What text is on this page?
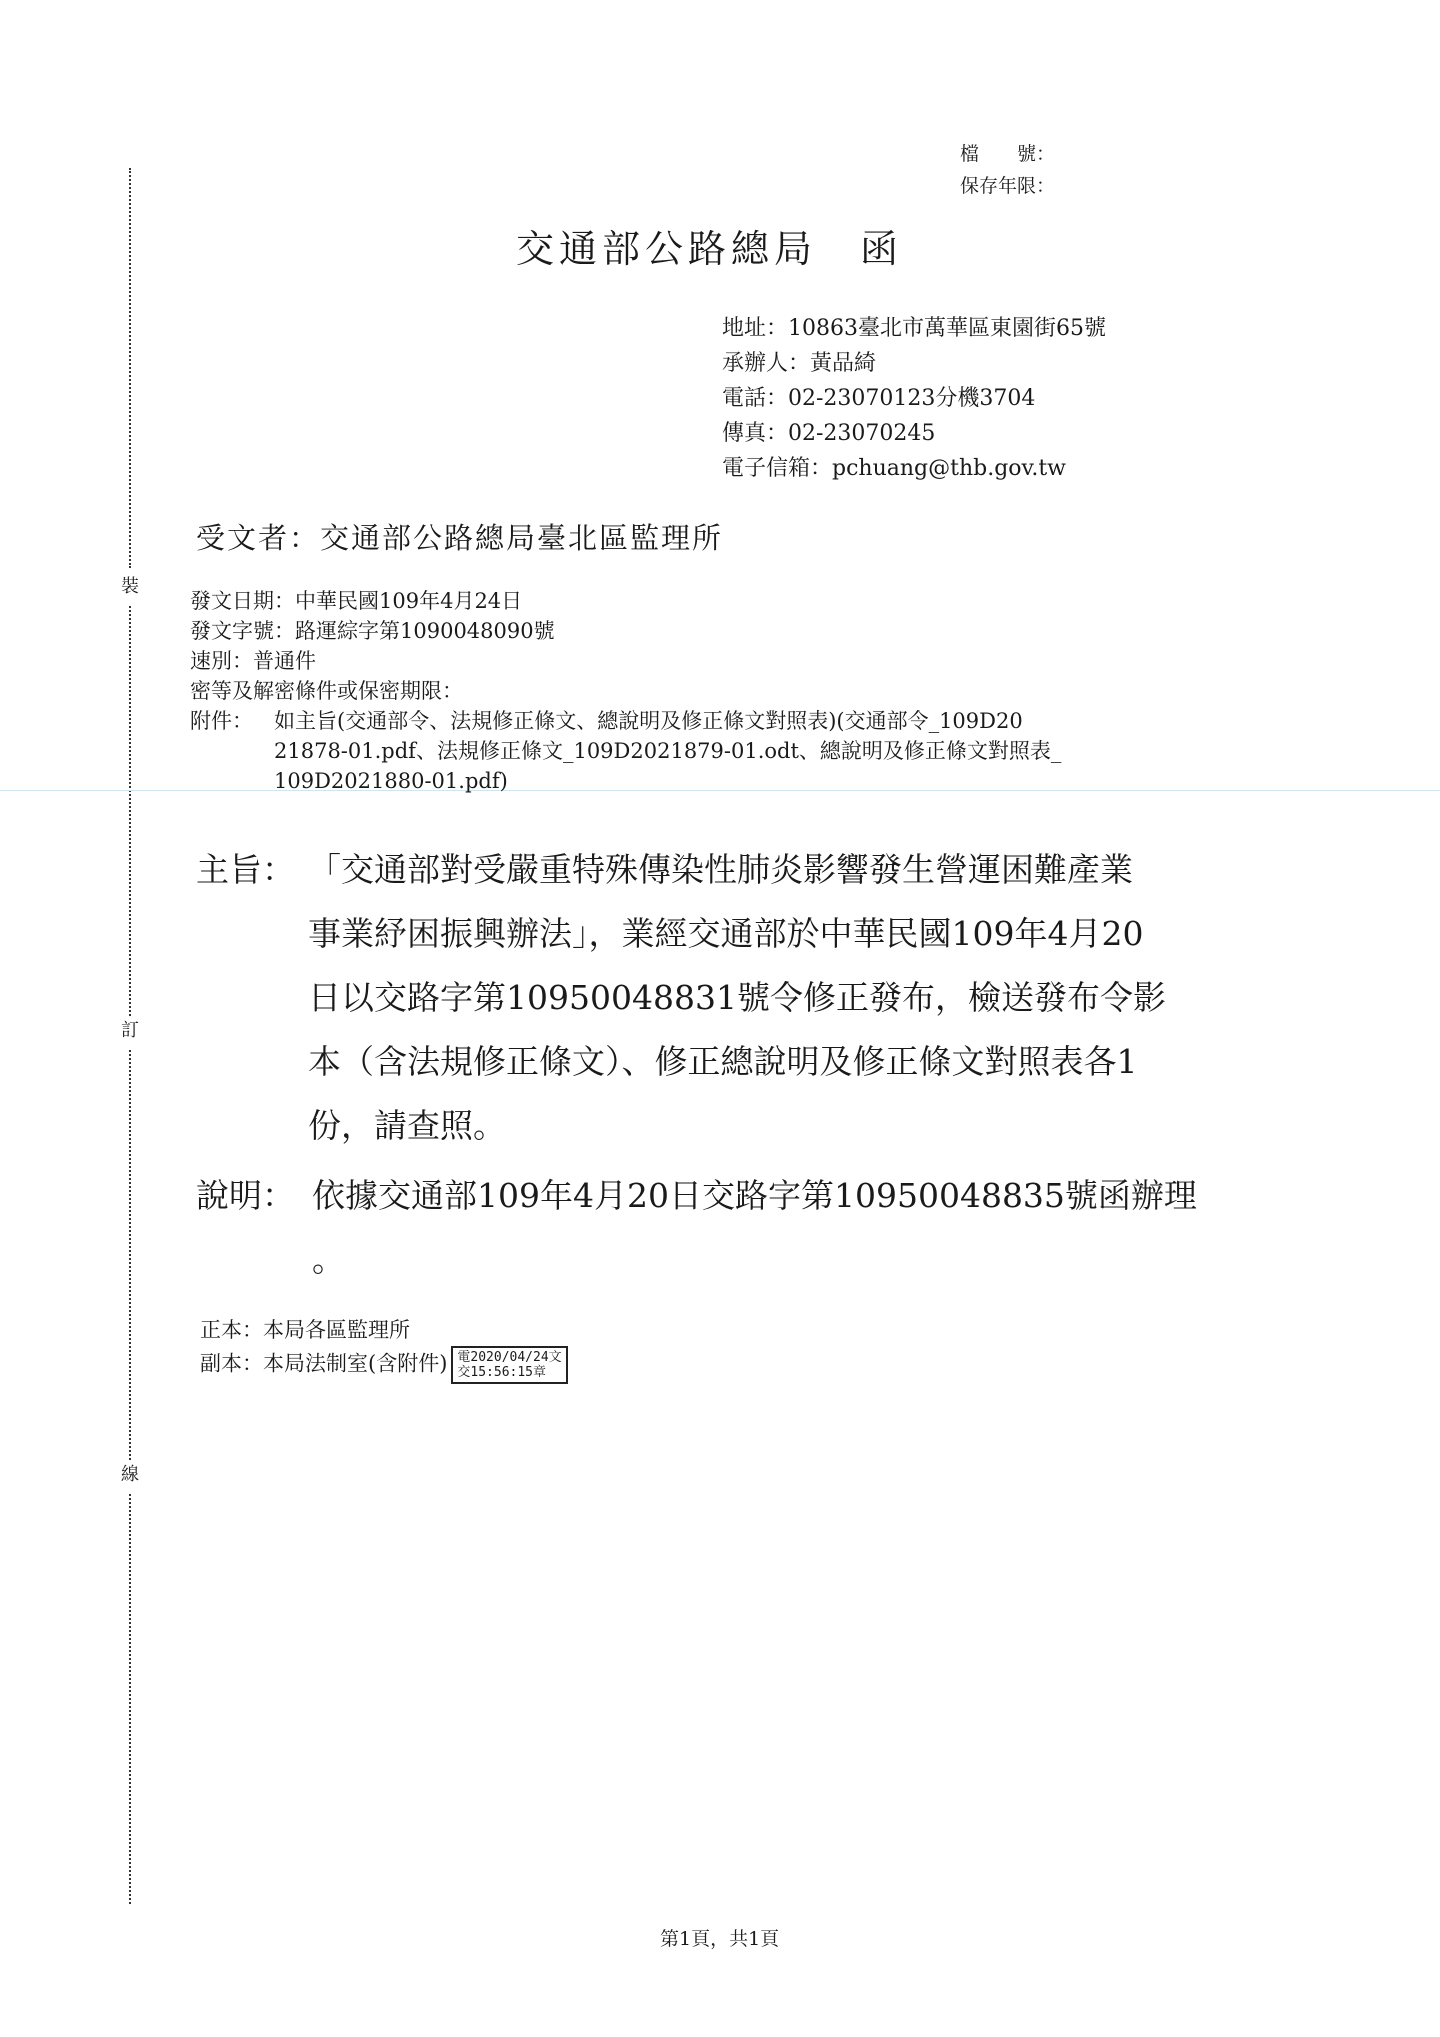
裝
訂
線
檔　　號：
保存年限：
交通部公路總局　函
地址：10863臺北市萬華區東園街65號
承辦人：黃品綺
電話：02-23070123分機3704
傳真：02-23070245
電子信箱：pchuang@thb.gov.tw
受文者：交通部公路總局臺北區監理所
發文日期：中華民國109年4月24日
發文字號：路運綜字第1090048090號
速別：普通件
密等及解密條件或保密期限：
附件： 如主旨(交通部令、法規修正條文、總說明及修正條文對照表)(交通部令_109D20
21878-01.pdf、法規修正條文_109D2021879-01.odt、總說明及修正條文對照表_
109D2021880-01.pdf)
主旨： 「交通部對受嚴重特殊傳染性肺炎影響發生營運困難產業
事業紓困振興辦法」，業經交通部於中華民國109年4月20
日以交路字第10950048831號令修正發布，檢送發布令影
本（含法規修正條文）、修正總說明及修正條文對照表各1
份，請查照。
說明： 依據交通部109年4月20日交路字第10950048835號函辦理
。
正本：本局各區監理所
副本：本局法制室(含附件) 電2020/04/24文
交15:56:15章
第1頁，共1頁
